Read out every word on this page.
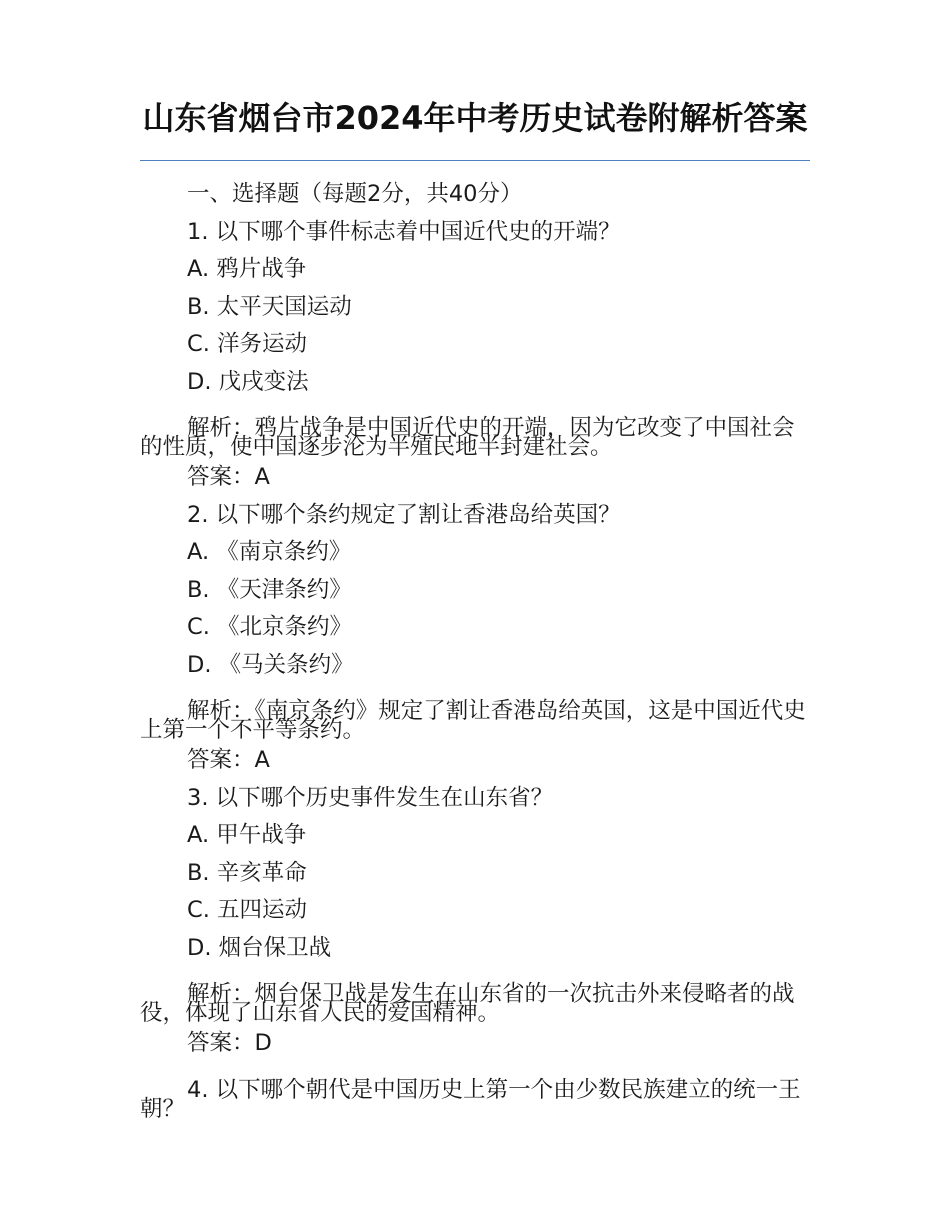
山东省烟台市2024年中考历史试卷附解析答案

一、选择题（每题2分，共40分）

1. 以下哪个事件标志着中国近代史的开端？

A. 鸦片战争

B. 太平天国运动

C. 洋务运动

D. 戊戌变法

解析：鸦片战争是中国近代史的开端，因为它改变了中国社会的性质，使中国逐步沦为半殖民地半封建社会。

答案：A

2. 以下哪个条约规定了割让香港岛给英国？

A. 《南京条约》

B. 《天津条约》

C. 《北京条约》

D. 《马关条约》

解析：《南京条约》规定了割让香港岛给英国，这是中国近代史上第一个不平等条约。

答案：A

3. 以下哪个历史事件发生在山东省？

A. 甲午战争

B. 辛亥革命

C. 五四运动

D. 烟台保卫战

解析：烟台保卫战是发生在山东省的一次抗击外来侵略者的战役，体现了山东省人民的爱国精神。

答案：D

4. 以下哪个朝代是中国历史上第一个由少数民族建立的统一王朝？
